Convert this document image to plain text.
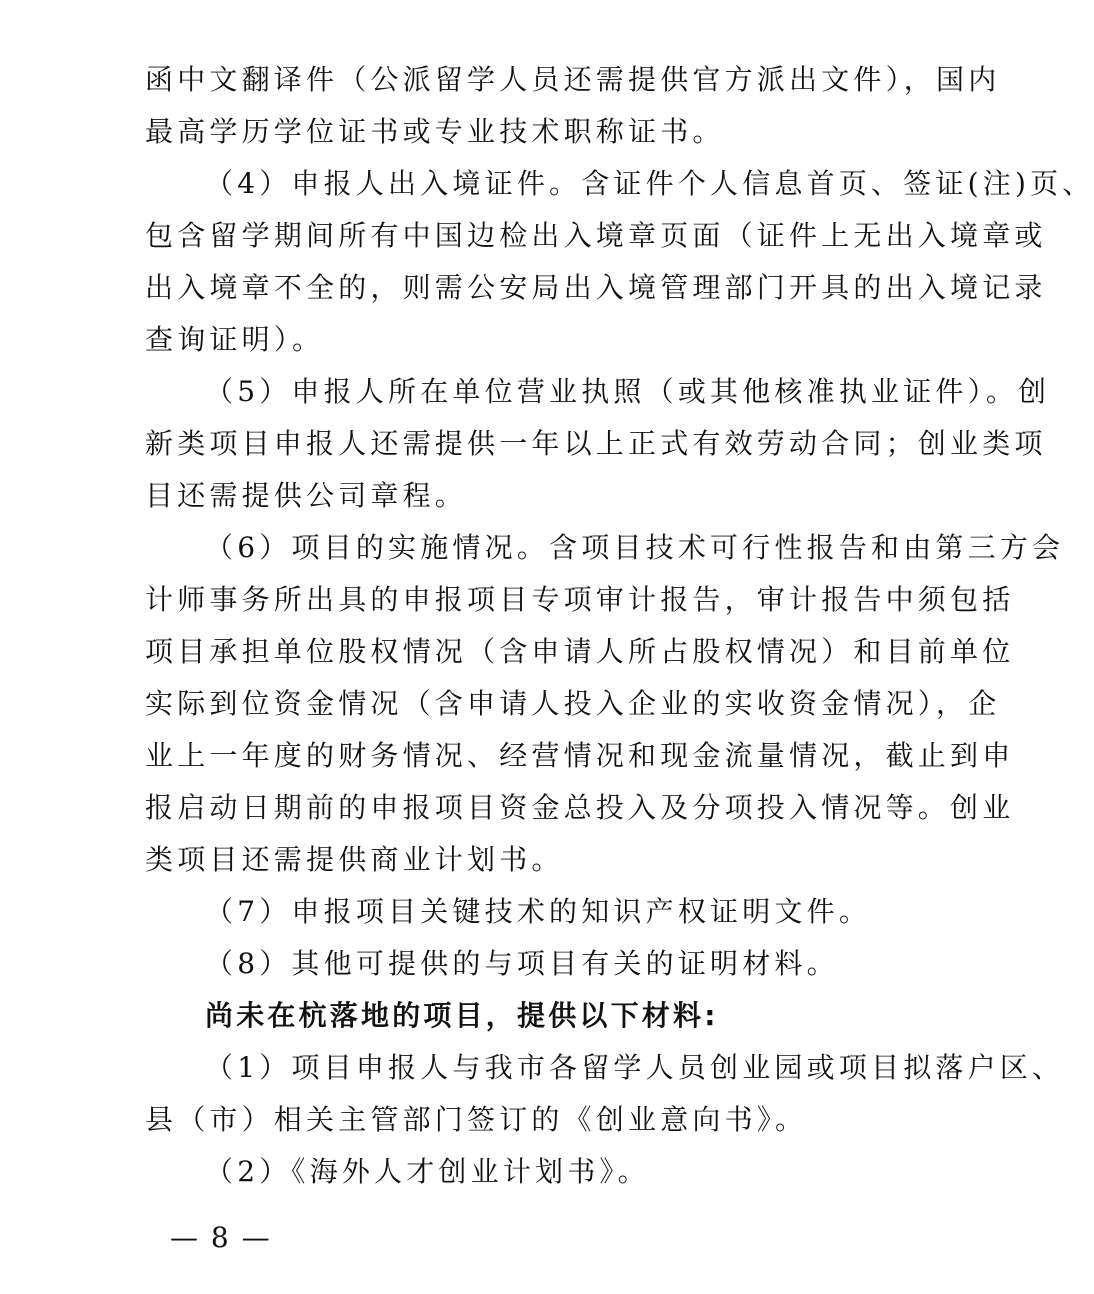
函中文翻译件（公派留学人员还需提供官方派出文件），国内
最高学历学位证书或专业技术职称证书。
（4）申报人出入境证件。含证件个人信息首页、签证(注)页、
包含留学期间所有中国边检出入境章页面（证件上无出入境章或
出入境章不全的，则需公安局出入境管理部门开具的出入境记录
查询证明）。
（5）申报人所在单位营业执照（或其他核准执业证件）。创
新类项目申报人还需提供一年以上正式有效劳动合同；创业类项
目还需提供公司章程。
（6）项目的实施情况。含项目技术可行性报告和由第三方会
计师事务所出具的申报项目专项审计报告，审计报告中须包括
项目承担单位股权情况（含申请人所占股权情况）和目前单位
实际到位资金情况（含申请人投入企业的实收资金情况），企
业上一年度的财务情况、经营情况和现金流量情况，截止到申
报启动日期前的申报项目资金总投入及分项投入情况等。创业
类项目还需提供商业计划书。
（7）申报项目关键技术的知识产权证明文件。
（8）其他可提供的与项目有关的证明材料。
尚未在杭落地的项目，提供以下材料:
（1）项目申报人与我市各留学人员创业园或项目拟落户区、
县（市）相关主管部门签订的《创业意向书》。
（2）《海外人才创业计划书》。
— 8 —
